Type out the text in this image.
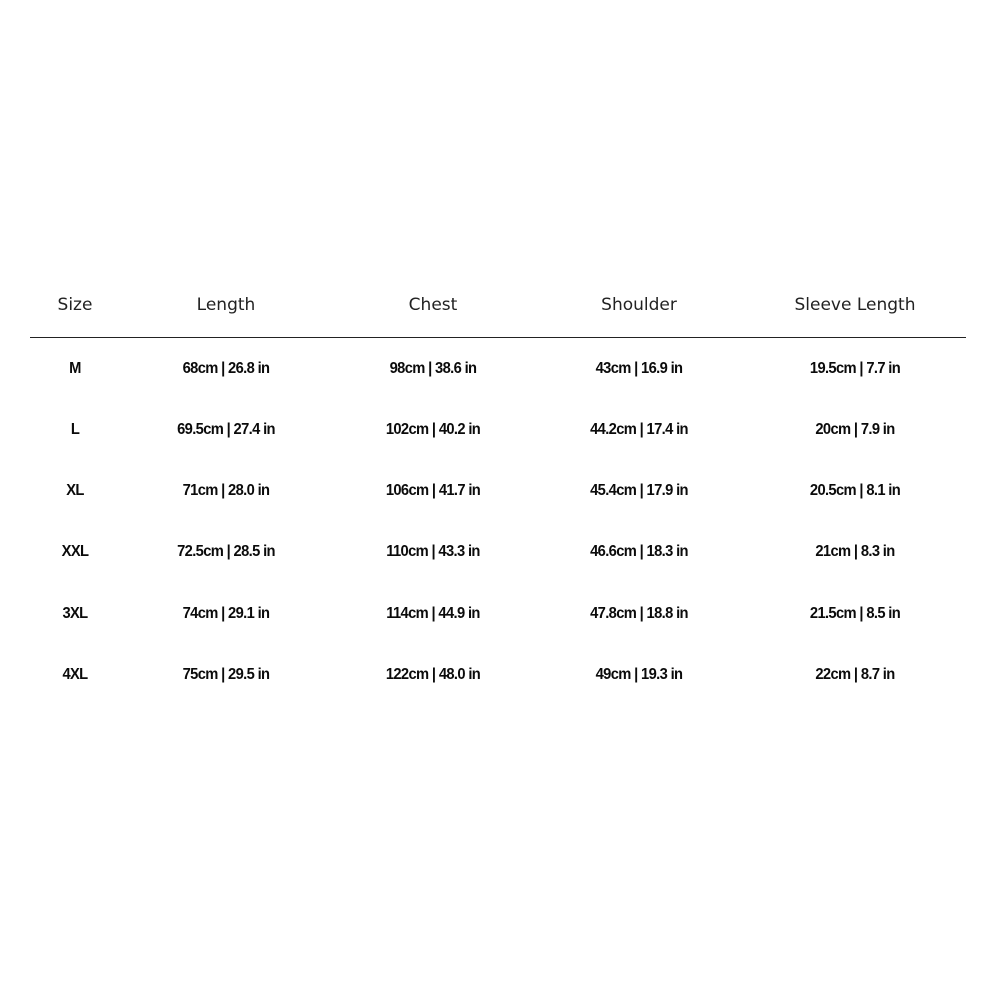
Size	Length	Chest	Shoulder	Sleeve Length
M	68cm | 26.8 in	98cm | 38.6 in	43cm | 16.9 in	19.5cm | 7.7 in
L	69.5cm | 27.4 in	102cm | 40.2 in	44.2cm | 17.4 in	20cm | 7.9 in
XL	71cm | 28.0 in	106cm | 41.7 in	45.4cm | 17.9 in	20.5cm | 8.1 in
XXL	72.5cm | 28.5 in	110cm | 43.3 in	46.6cm | 18.3 in	21cm | 8.3 in
3XL	74cm | 29.1 in	114cm | 44.9 in	47.8cm | 18.8 in	21.5cm | 8.5 in
4XL	75cm | 29.5 in	122cm | 48.0 in	49cm | 19.3 in	22cm | 8.7 in
